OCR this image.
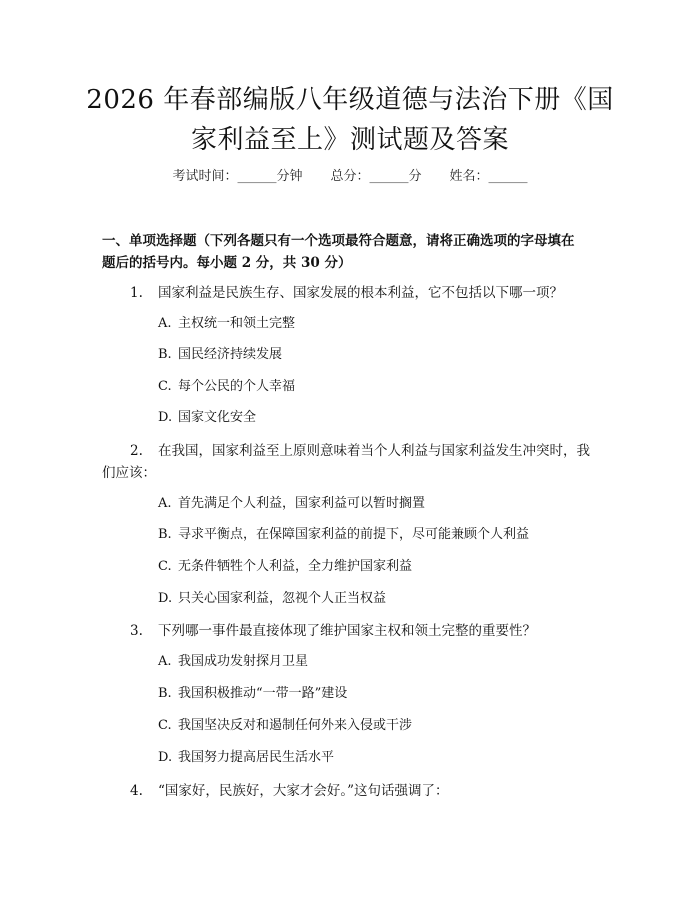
2026 年春部编版八年级道德与法治下册《国
家利益至上》测试题及答案
考试时间：______分钟 总分：______分 姓名：______
一、单项选择题（下列各题只有一个选项最符合题意，请将正确选项的字母填在
题后的括号内。每小题 2 分，共 30 分）
1. 国家利益是民族生存、国家发展的根本利益，它不包括以下哪一项？
A. 主权统一和领土完整
B. 国民经济持续发展
C. 每个公民的个人幸福
D. 国家文化安全
2. 在我国，国家利益至上原则意味着当个人利益与国家利益发生冲突时，我
们应该：
A. 首先满足个人利益，国家利益可以暂时搁置
B. 寻求平衡点，在保障国家利益的前提下，尽可能兼顾个人利益
C. 无条件牺牲个人利益，全力维护国家利益
D. 只关心国家利益，忽视个人正当权益
3. 下列哪一事件最直接体现了维护国家主权和领土完整的重要性？
A. 我国成功发射探月卫星
B. 我国积极推动“一带一路”建设
C. 我国坚决反对和遏制任何外来入侵或干涉
D. 我国努力提高居民生活水平
4. “国家好，民族好，大家才会好。”这句话强调了：
